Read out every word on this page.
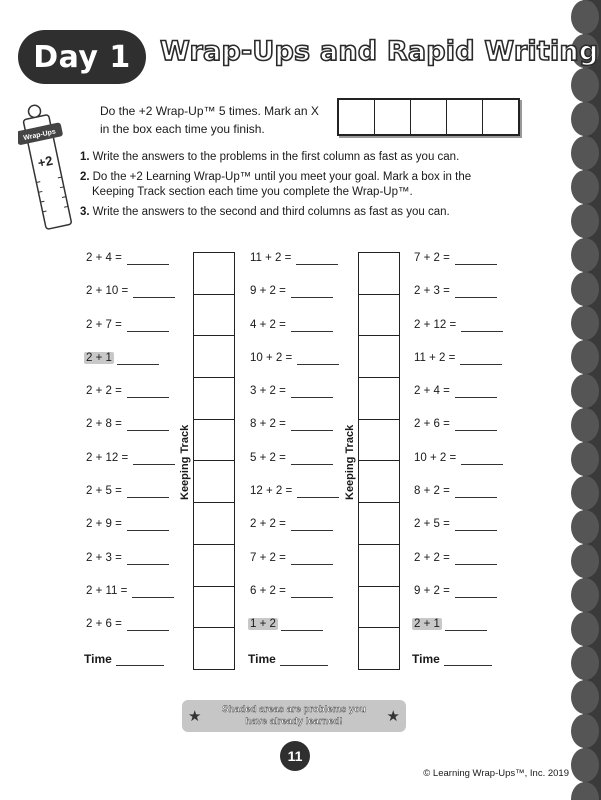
Day 1 Wrap-Ups and Rapid Writing
Wrap-Ups
+2
Do the +2 Wrap-Up™ 5 times. Mark an X in the box each time you finish.
1. Write the answers to the problems in the first column as fast as you can.
2. Do the +2 Learning Wrap-Up™ until you meet your goal. Mark a box in the Keeping Track section each time you complete the Wrap-Up™.
3. Write the answers to the second and third columns as fast as you can.
2 + 4 =
2 + 10 =
2 + 7 =
2 + 1
2 + 2 =
2 + 8 =
2 + 12 =
2 + 5 =
2 + 9 =
2 + 3 =
2 + 11 =
2 + 6 =
Time
11 + 2 =
9 + 2 =
4 + 2 =
10 + 2 =
3 + 2 =
8 + 2 =
5 + 2 =
12 + 2 =
2 + 2 =
7 + 2 =
6 + 2 =
1 + 2
Time
7 + 2 =
2 + 3 =
2 + 12 =
11 + 2 =
2 + 4 =
2 + 6 =
10 + 2 =
8 + 2 =
2 + 5 =
2 + 2 =
9 + 2 =
2 + 1
Time
Keeping Track	Keeping Track
★	Shaded areas are problems you
have already learned!	★
11
© Learning Wrap-Ups™, Inc. 2019
